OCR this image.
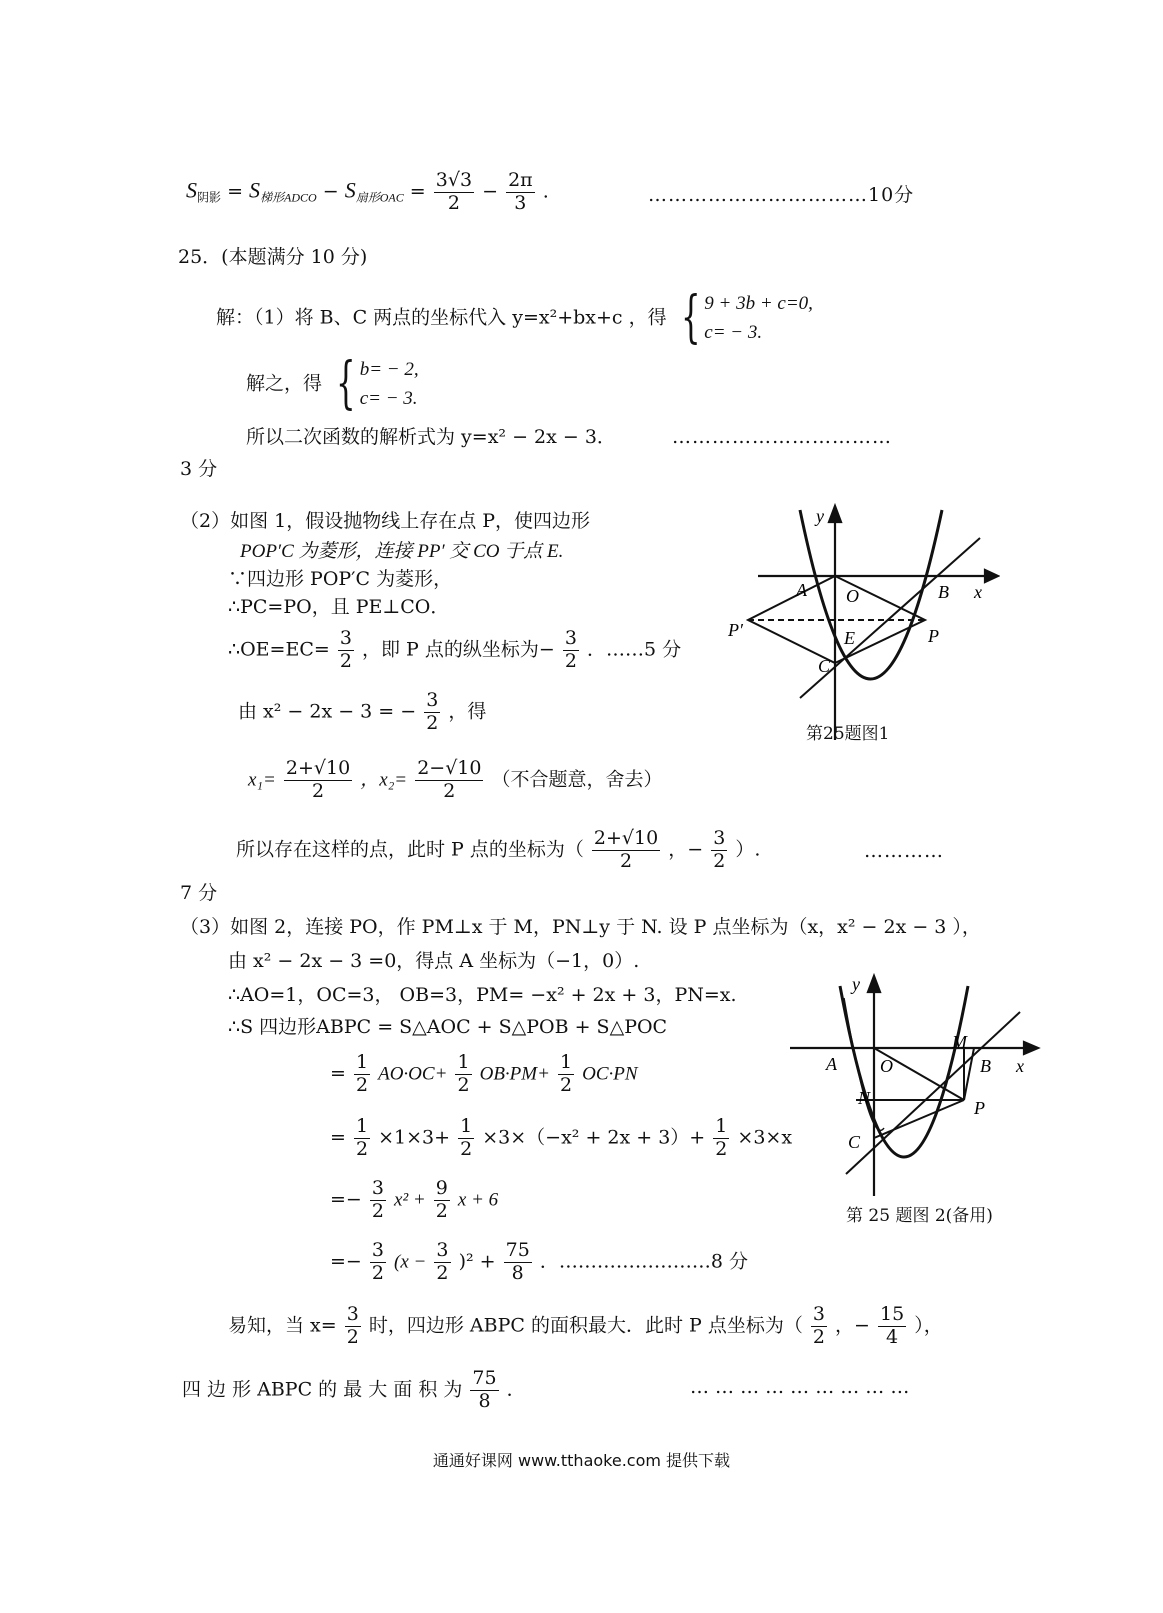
$S_{阴影} = S_{梯形ADCO} - S_{扇形OAC} = \frac{3√3}{2} - \frac{2\pi}{3}$ .	……………………………10分
25．(本题满分 10 分)
解：（1）将 B、C 两点的坐标代入 y=x²+bx+c ，得 { 9 + 3b + c=0,
c= − 3.
解之，得 { b= − 2,
c= − 3.
所以二次函数的解析式为 y=x² − 2x − 3．	……………………………
3 分
（2）如图 1，假设抛物线上存在点 P，使四边形
POP′C 为菱形，连接 PP′ 交 CO 于点 E.
∵四边形 POP′C 为菱形，
∴PC=PO，且 PE⊥CO．
∴OE=EC= $\frac{3}{2}$ ，即 P 点的纵坐标为− $\frac{3}{2}$ ．……5 分
由 x² − 2x − 3 = − $\frac{3}{2}$ ，得
$x_1= \frac{2+√10}{2}$ ，$x_2= \frac{2-√10}{2}$ （不合题意，舍去）
所以存在这样的点，此时 P 点的坐标为（ $\frac{2+√10}{2}$ ，− $\frac{3}{2}$ ）.	…………
7 分
y
x
A O	B
P′	E	P
C
第25题图1
（3）如图 2，连接 PO，作 PM⊥x 于 M，PN⊥y 于 N. 设 P 点坐标为（x，x² − 2x − 3 ），
由 x² − 2x − 3 =0，得点 A 坐标为（−1，0）.
∴AO=1，OC=3， OB=3，PM= −x² + 2x + 3，PN=x.
∴S 四边形ABPC = S△AOC + S△POB + S△POC
= $\frac{1}{2} AO\cdot OC+ \frac{1}{2} OB\cdot PM+ \frac{1}{2} OC\cdot PN$
= $\frac{1}{2} \times 1\times 3+ \frac{1}{2} \times 3\times(-x^2 + 2x + 3)+ \frac{1}{2} \times 3\times x$
=− $\frac{3}{2} x^2 + \frac{9}{2}$ x + 6
=− $\frac{3}{2} (x - \frac{3}{2} )^2 + \frac{75}{8}$ ．……………………8 分
y
x
A O
M
B
N	P
C
第 25 题图 2(备用)
易知，当 $x= \frac{3}{2}$ 时，四边形 ABPC 的面积最大．此时 P 点坐标为（ $\frac{3}{2}$ ，− $\frac{15}{4}$ ），
四 边 形 ABPC 的 最 大 面 积 为 $\frac{75}{8}$ ．	… … … … … … … … …
通通好课网 www.tthaoke.com 提供下载
